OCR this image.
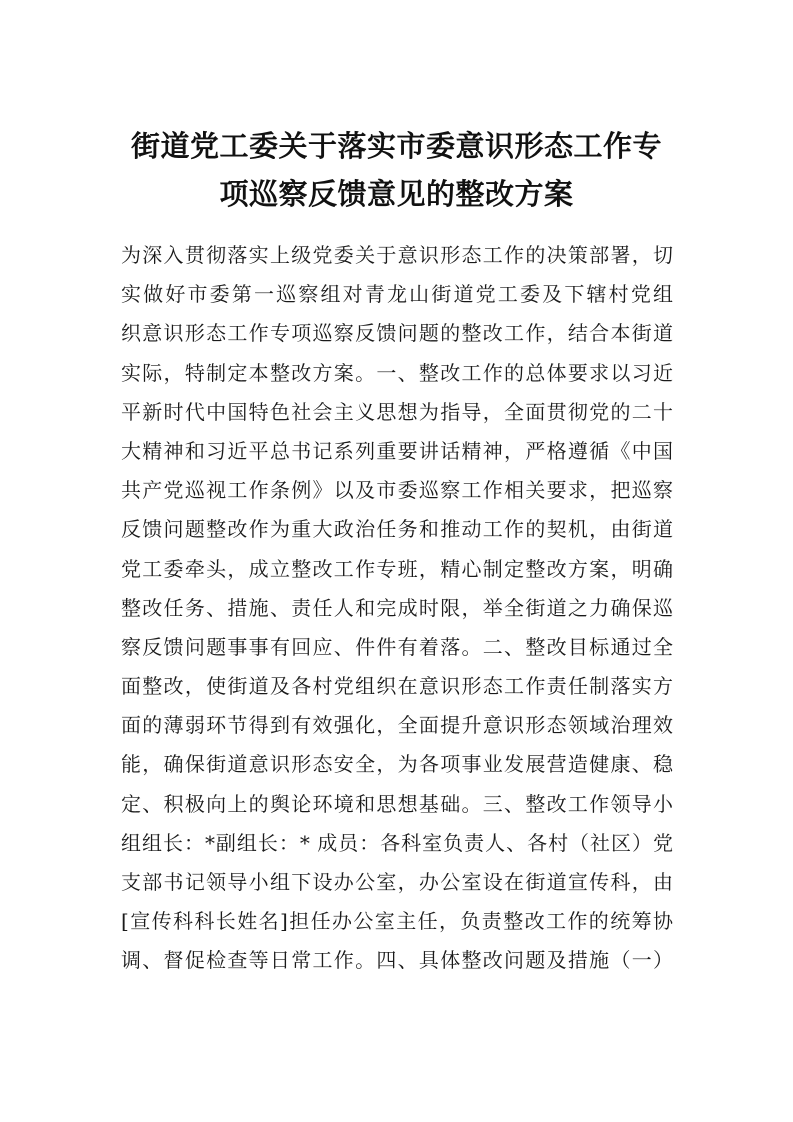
街道党工委关于落实市委意识形态工作专
项巡察反馈意见的整改方案
为深入贯彻落实上级党委关于意识形态工作的决策部署，切
实做好市委第一巡察组对青龙山街道党工委及下辖村党组
织意识形态工作专项巡察反馈问题的整改工作，结合本街道
实际，特制定本整改方案。一、整改工作的总体要求以习近
平新时代中国特色社会主义思想为指导，全面贯彻党的二十
大精神和习近平总书记系列重要讲话精神，严格遵循《中国
共产党巡视工作条例》以及市委巡察工作相关要求，把巡察
反馈问题整改作为重大政治任务和推动工作的契机，由街道
党工委牵头，成立整改工作专班，精心制定整改方案，明确
整改任务、措施、责任人和完成时限，举全街道之力确保巡
察反馈问题事事有回应、件件有着落。二、整改目标通过全
面整改，使街道及各村党组织在意识形态工作责任制落实方
面的薄弱环节得到有效强化，全面提升意识形态领域治理效
能，确保街道意识形态安全，为各项事业发展营造健康、稳
定、积极向上的舆论环境和思想基础。三、整改工作领导小
组组长：*副组长：* 成员：各科室负责人、各村（社区）党
支部书记领导小组下设办公室，办公室设在街道宣传科，由
[宣传科科长姓名]担任办公室主任，负责整改工作的统筹协
调、督促检查等日常工作。四、具体整改问题及措施（一）
